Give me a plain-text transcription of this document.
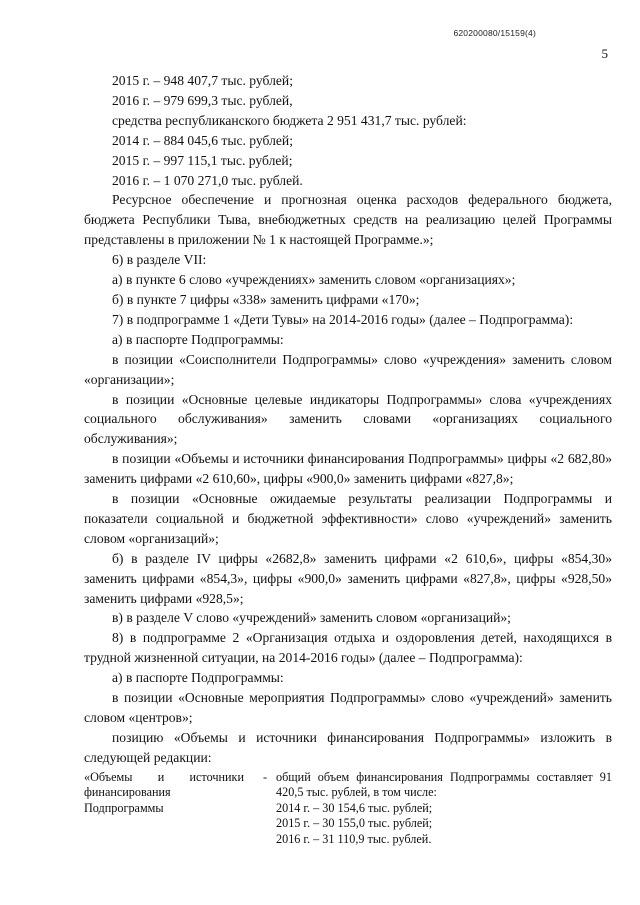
620200080/15159(4)
5

2015 г. – 948 407,7 тыс. рублей;

2016 г. – 979 699,3 тыс. рублей,

средства республиканского бюджета 2 951 431,7 тыс. рублей:

2014 г. – 884 045,6 тыс. рублей;

2015 г. – 997 115,1 тыс. рублей;

2016 г. – 1 070 271,0 тыс. рублей.

Ресурсное обеспечение и прогнозная оценка расходов федерального бюджета, бюджета Республики Тыва, внебюджетных средств на реализацию целей Программы представлены в приложении № 1 к настоящей Программе.»;

6) в разделе VII:

а) в пункте 6 слово «учреждениях» заменить словом «организациях»;

б) в пункте 7 цифры «338» заменить цифрами «170»;

7) в подпрограмме 1 «Дети Тувы» на 2014-2016 годы» (далее – Подпрограмма):

а) в паспорте Подпрограммы:

в позиции «Соисполнители Подпрограммы» слово «учреждения» заменить словом «организации»;

в позиции «Основные целевые индикаторы Подпрограммы» слова «учреждениях социального обслуживания» заменить словами «организациях социального обслуживания»;

в позиции «Объемы и источники финансирования Подпрограммы» цифры «2 682,80» заменить цифрами «2 610,60», цифры «900,0» заменить цифрами «827,8»;

в позиции «Основные ожидаемые результаты реализации Подпрограммы и показатели социальной и бюджетной эффективности» слово «учреждений» заменить словом «организаций»;

б) в разделе IV цифры «2682,8» заменить цифрами «2 610,6», цифры «854,30» заменить цифрами «854,3», цифры «900,0» заменить цифрами «827,8», цифры «928,50» заменить цифрами «928,5»;

в) в разделе V слово «учреждений» заменить словом «организаций»;

8) в подпрограмме 2 «Организация отдыха и оздоровления детей, находящихся в трудной жизненной ситуации, на 2014-2016 годы» (далее – Подпрограмма):

а) в паспорте Подпрограммы:

в позиции «Основные мероприятия Подпрограммы» слово «учреждений» заменить словом «центров»;

позицию «Объемы и источники финансирования Подпрограммы» изложить в следующей редакции:

«Объемы и источники финансирования Подпрограммы
- общий объем финансирования Подпрограммы составляет 91 420,5 тыс. рублей, в том числе:

2014 г. – 30 154,6 тыс. рублей;

2015 г. – 30 155,0 тыс. рублей;

2016 г. – 31 110,9 тыс. рублей.
